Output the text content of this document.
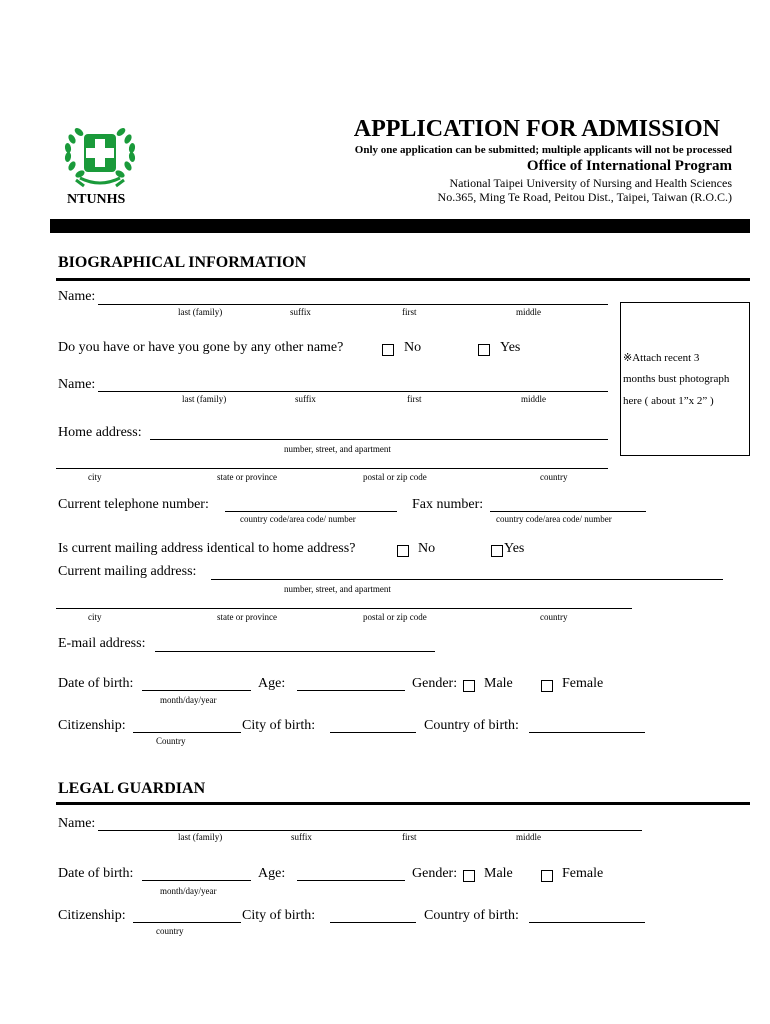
NTUNHS
APPLICATION FOR ADMISSION
Only one application can be submitted; multiple applicants will not be processed
Office of International Program
National Taipei University of Nursing and Health Sciences
No.365, Ming Te Road, Peitou Dist., Taipei, Taiwan (R.O.C.)
BIOGRAPHICAL INFORMATION
Name:
last (family)	suffix	first	middle
※Attach recent 3
months bust photograph
here ( about 1”x 2” )
Do you have or have you gone by any other name?	No	Yes
Name:
last (family)	suffix	first	middle
Home address:
number, street, and apartment
city	state or province	postal or zip code	country
Current telephone number:
country code/area code/ number
Fax number:
country code/area code/ number
Is current mailing address identical to home address?	No	Yes
Current mailing address:
number, street, and apartment
city	state or province	postal or zip code	country
E-mail address:
Date of birth:
month/day/year
Age:	Gender: Male	Female
Citizenship:
Country
City of birth:	Country of birth:
LEGAL GUARDIAN
Name:
last (family)	suffix	first	middle
Date of birth:
month/day/year
Age:	Gender: Male	Female
Citizenship:
country
City of birth:	Country of birth:
